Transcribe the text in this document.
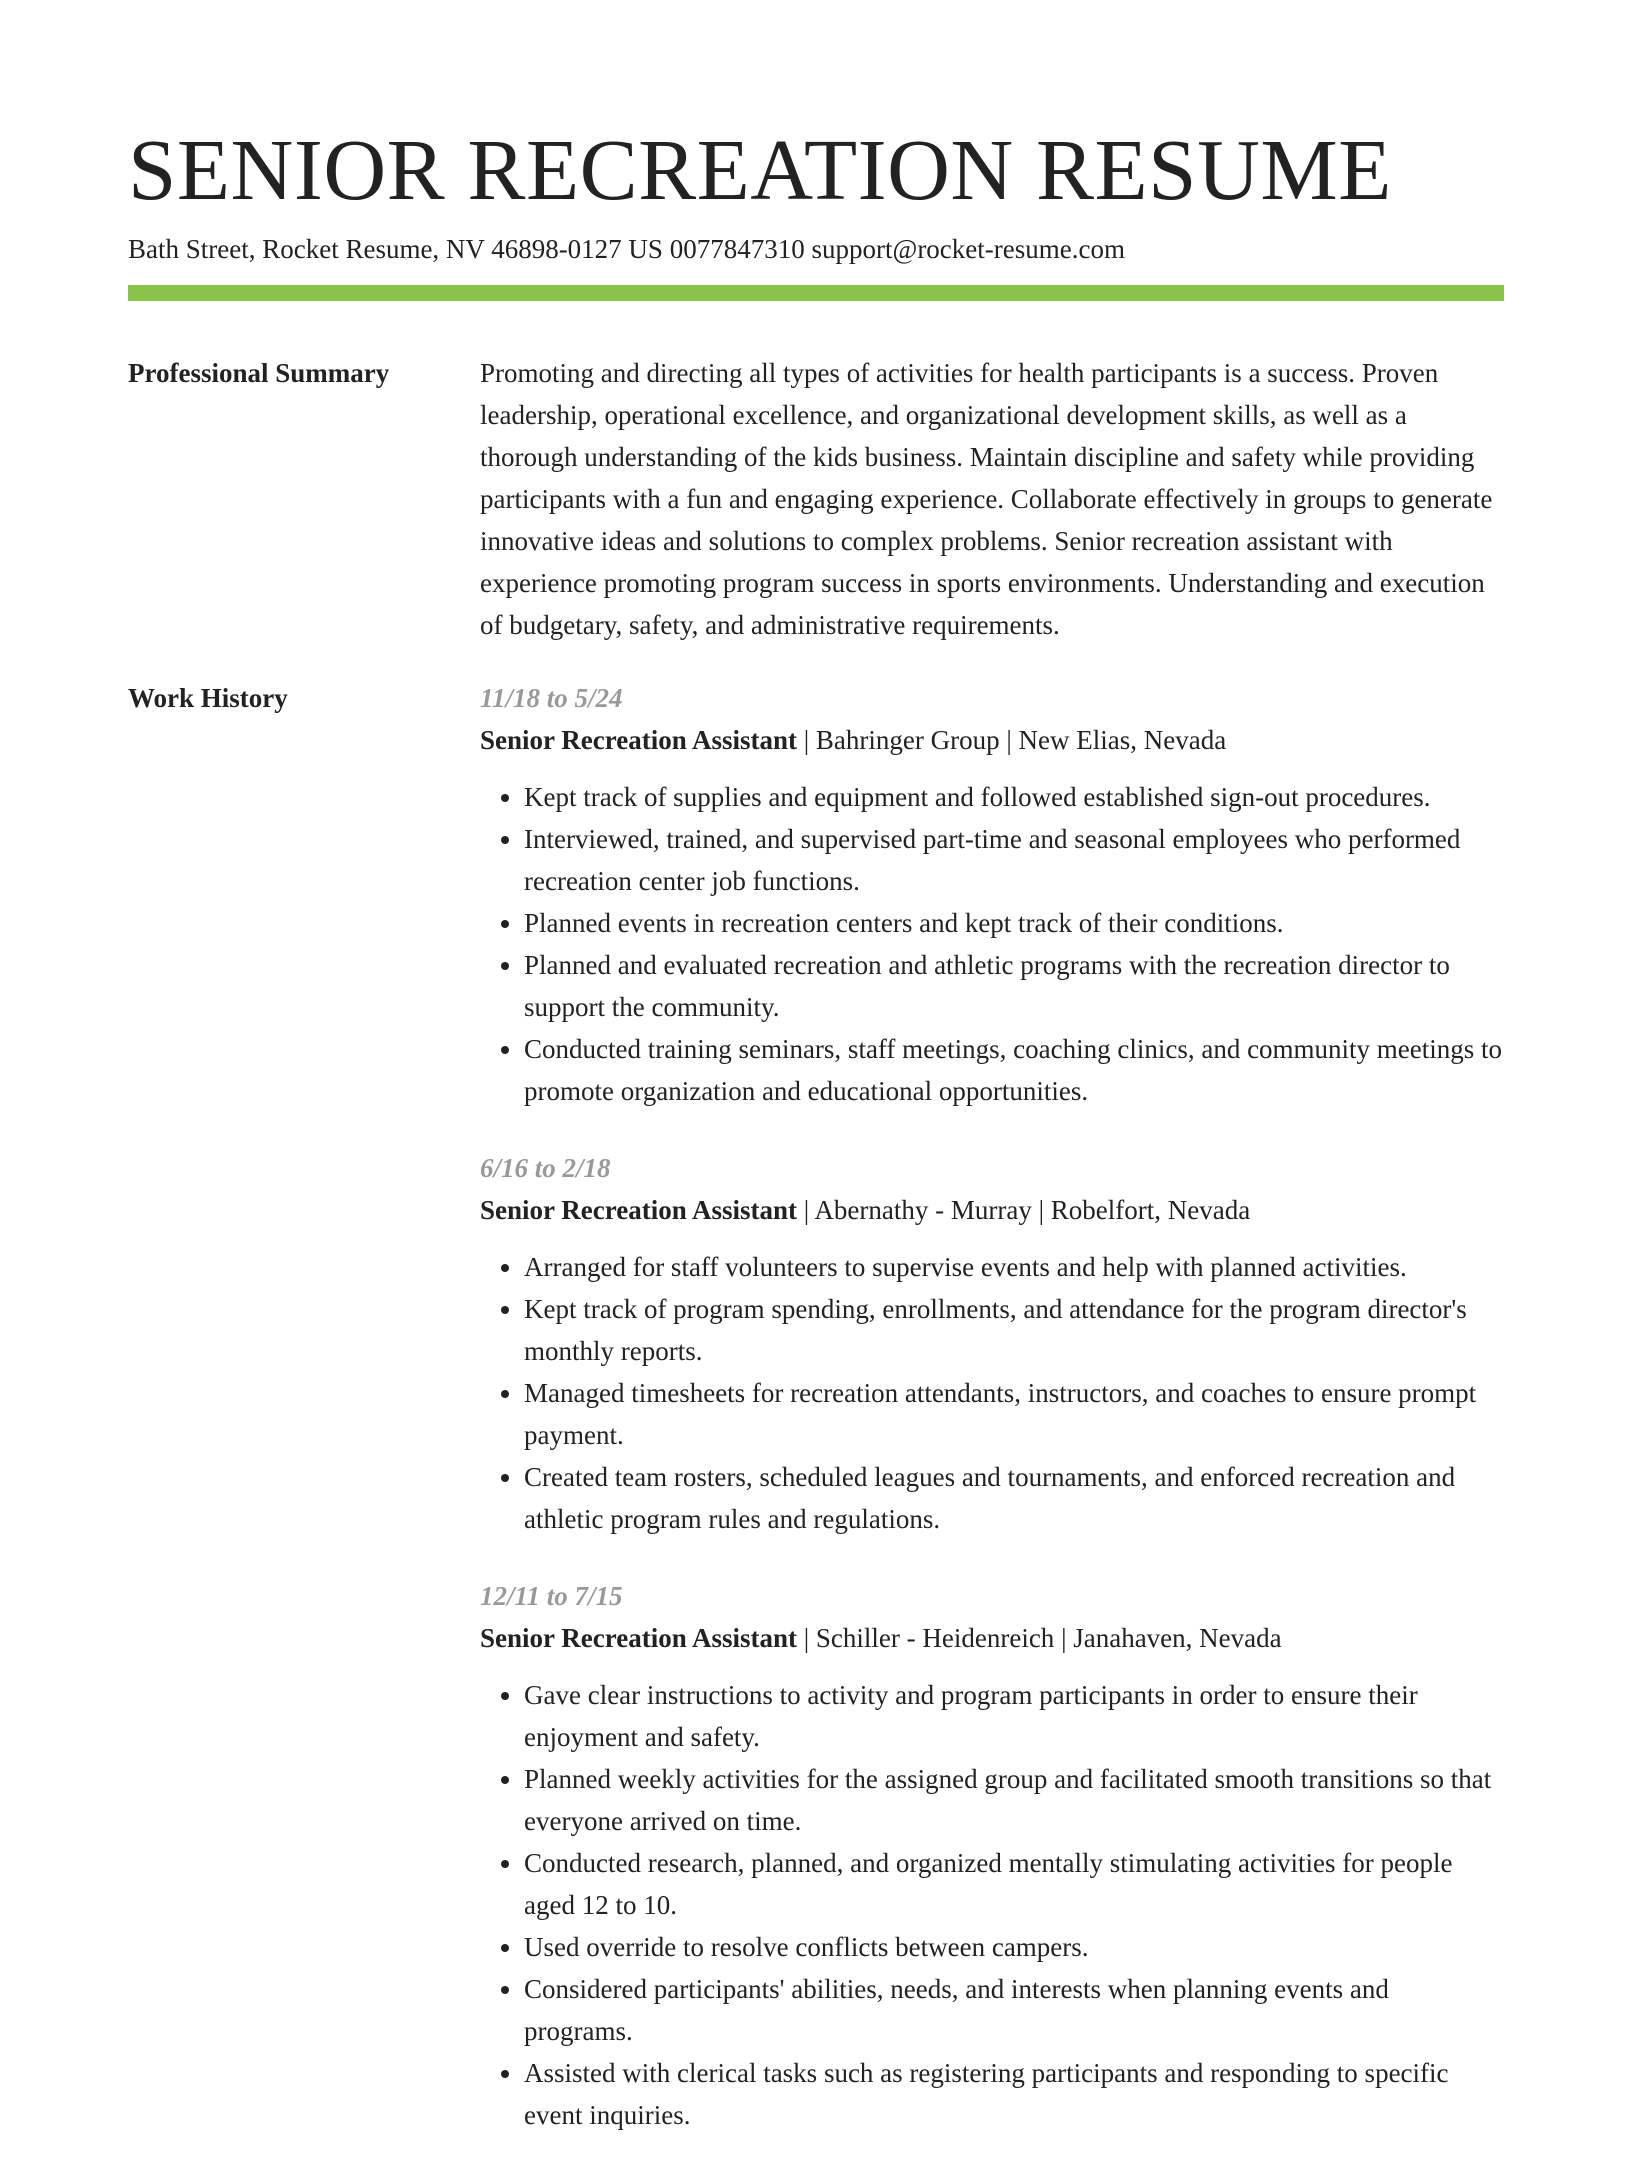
SENIOR RECREATION RESUME
Bath Street, Rocket Resume, NV 46898-0127 US 0077847310 support@rocket-resume.com
Professional Summary	Promoting and directing all types of activities for health participants is a success. Proven leadership, operational excellence, and organizational development skills, as well as a thorough understanding of the kids business. Maintain discipline and safety while providing participants with a fun and engaging experience. Collaborate effectively in groups to generate innovative ideas and solutions to complex problems. Senior recreation assistant with experience promoting program success in sports environments. Understanding and execution of budgetary, safety, and administrative requirements.

Work History	11/18 to 5/24
Senior Recreation Assistant | Bahringer Group | New Elias, Nevada
• Kept track of supplies and equipment and followed established sign-out procedures.
• Interviewed, trained, and supervised part-time and seasonal employees who performed recreation center job functions.
• Planned events in recreation centers and kept track of their conditions.
• Planned and evaluated recreation and athletic programs with the recreation director to support the community.
• Conducted training seminars, staff meetings, coaching clinics, and community meetings to promote organization and educational opportunities.
6/16 to 2/18
Senior Recreation Assistant | Abernathy - Murray | Robelfort, Nevada
• Arranged for staff volunteers to supervise events and help with planned activities.
• Kept track of program spending, enrollments, and attendance for the program director's monthly reports.
• Managed timesheets for recreation attendants, instructors, and coaches to ensure prompt payment.
• Created team rosters, scheduled leagues and tournaments, and enforced recreation and athletic program rules and regulations.
12/11 to 7/15
Senior Recreation Assistant | Schiller - Heidenreich | Janahaven, Nevada
• Gave clear instructions to activity and program participants in order to ensure their enjoyment and safety.
• Planned weekly activities for the assigned group and facilitated smooth transitions so that everyone arrived on time.
• Conducted research, planned, and organized mentally stimulating activities for people aged 12 to 10.
• Used override to resolve conflicts between campers.
• Considered participants' abilities, needs, and interests when planning events and programs.
• Assisted with clerical tasks such as registering participants and responding to specific event inquiries.
